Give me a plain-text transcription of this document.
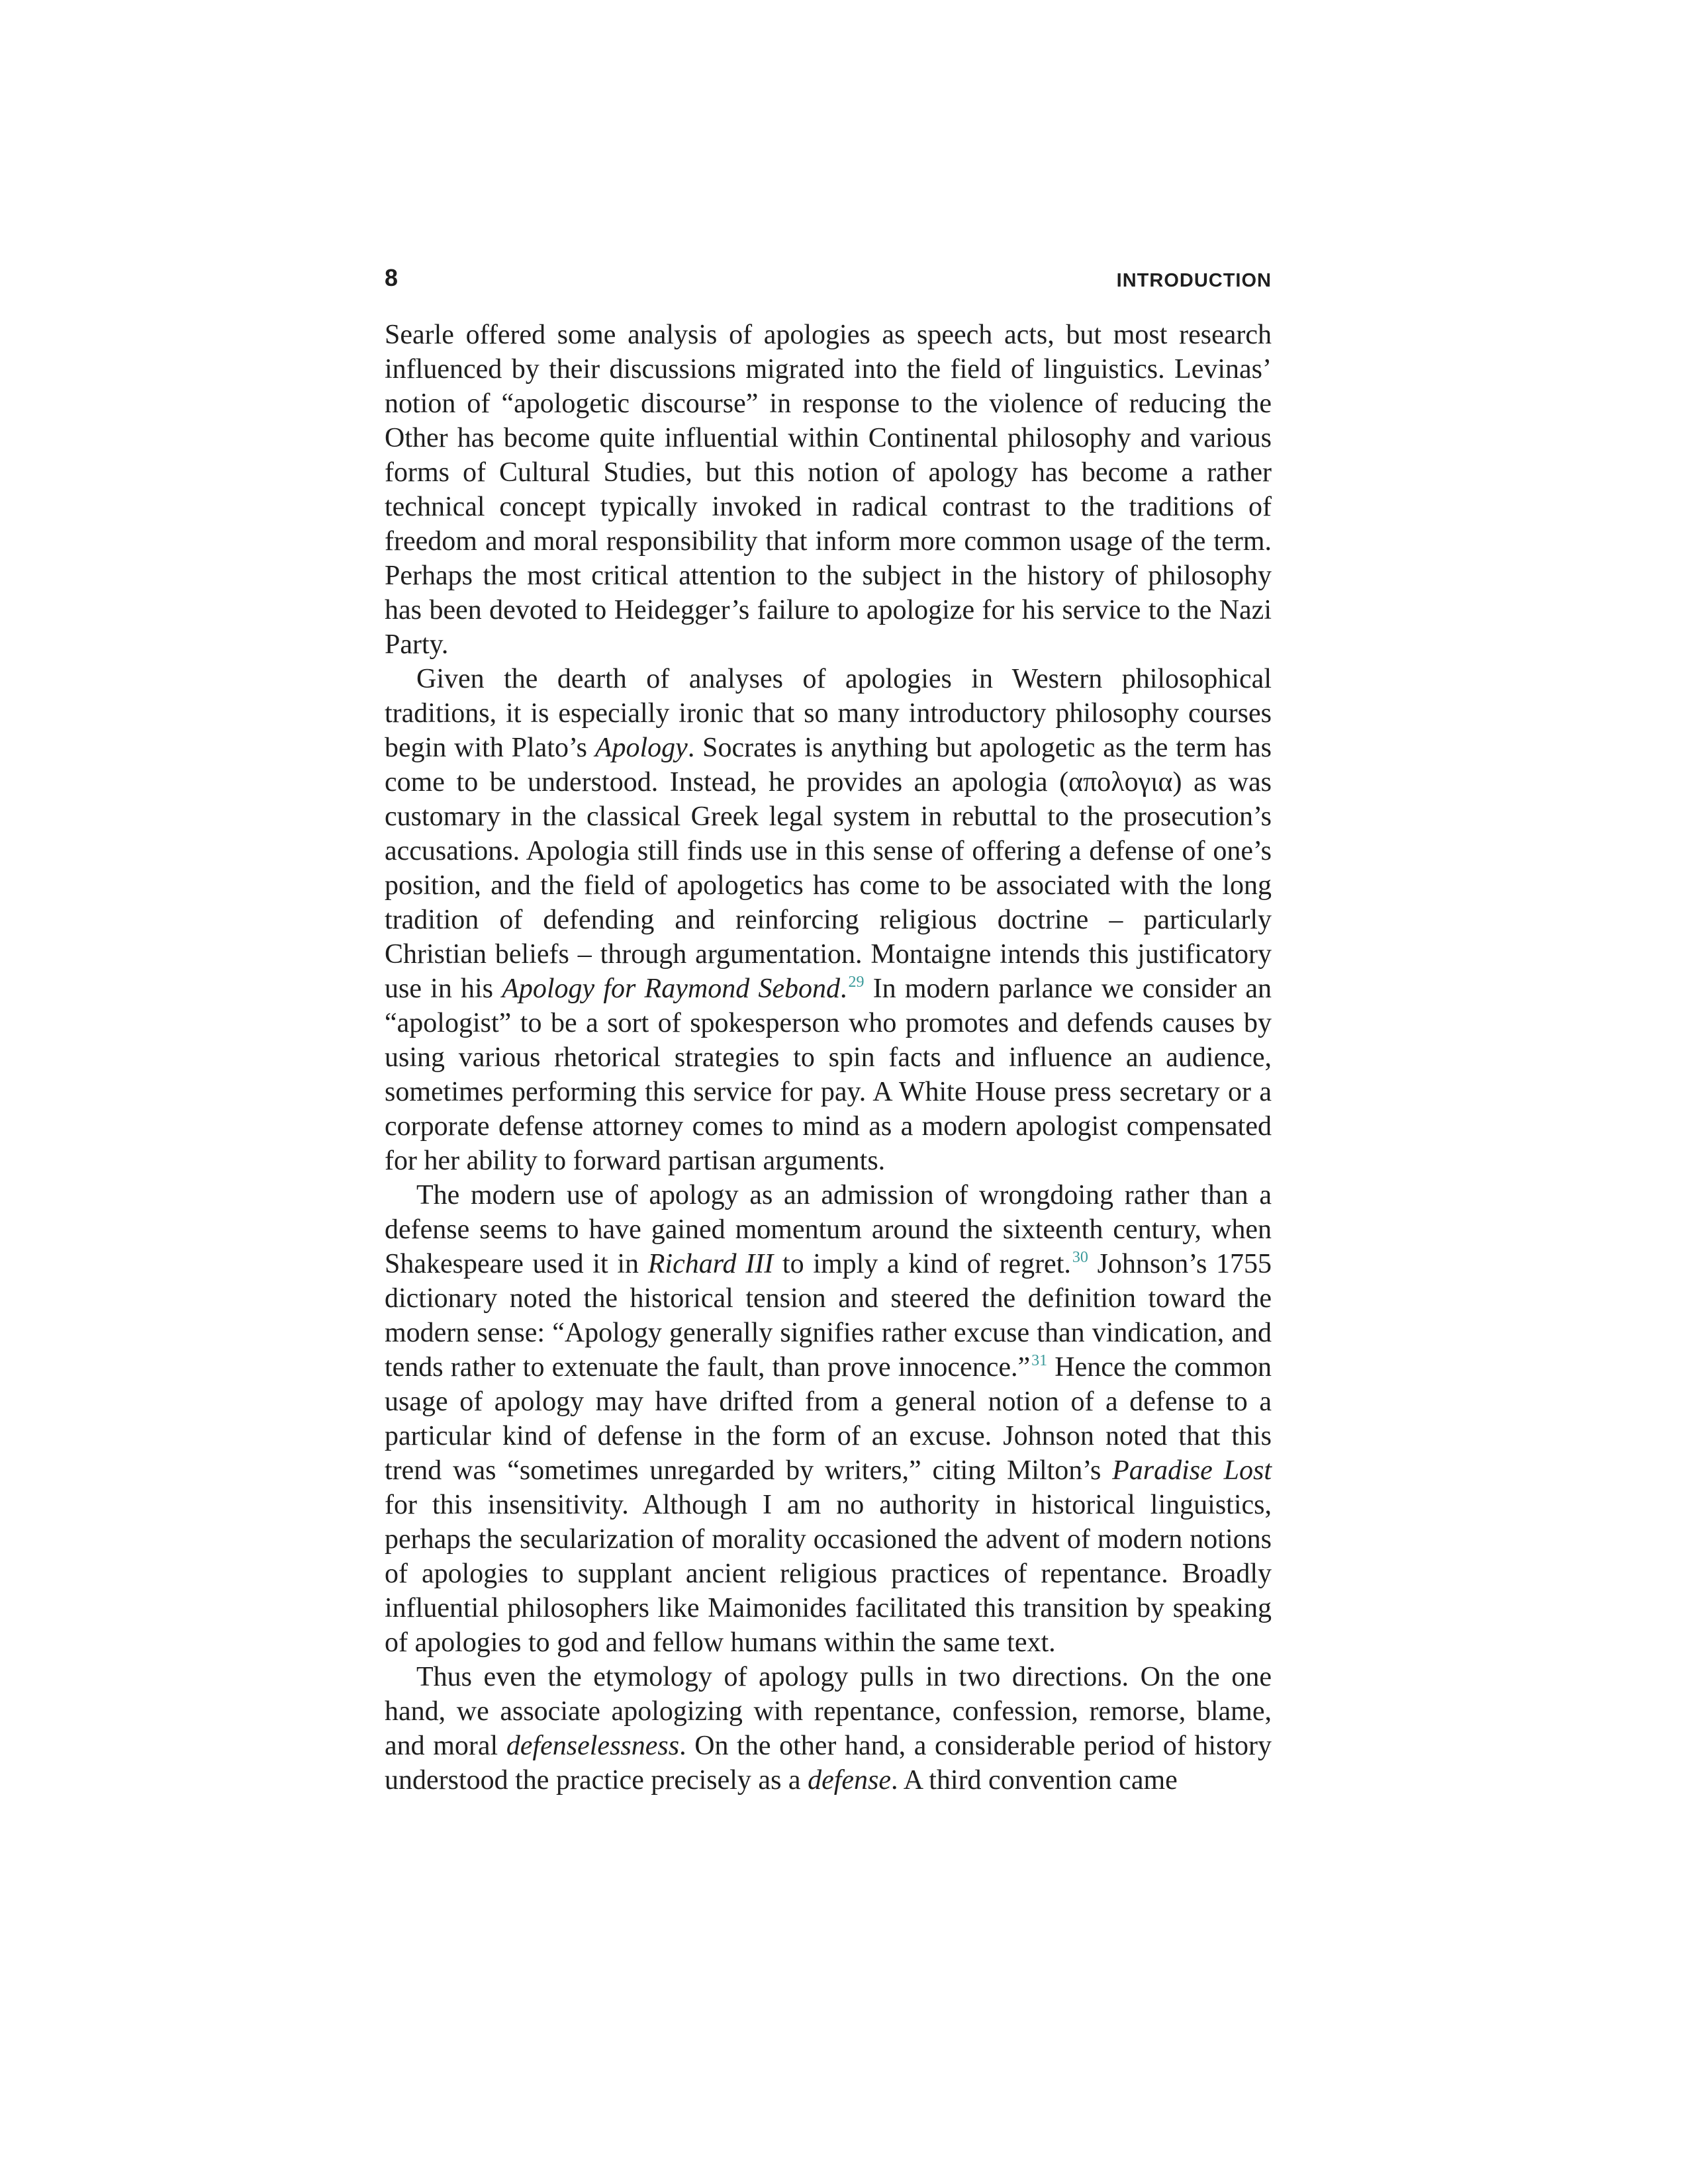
8	INTRODUCTION

Searle offered some analysis of apologies as speech acts, but most research influenced by their discussions migrated into the field of linguistics. Levinas’ notion of “apologetic discourse” in response to the violence of reducing the Other has become quite influential within Continental philosophy and various forms of Cultural Studies, but this notion of apology has become a rather technical concept typically invoked in radical contrast to the traditions of freedom and moral responsibility that inform more common usage of the term. Perhaps the most critical attention to the subject in the history of philosophy has been devoted to Heidegger’s failure to apologize for his service to the Nazi Party.

Given the dearth of analyses of apologies in Western philosophical traditions, it is especially ironic that so many introductory philosophy courses begin with Plato’s Apology. Socrates is anything but apologetic as the term has come to be understood. Instead, he provides an apologia (απολογια) as was customary in the classical Greek legal system in rebuttal to the prosecution’s accusations. Apologia still finds use in this sense of offering a defense of one’s position, and the field of apologetics has come to be associated with the long tradition of defending and reinforcing religious doctrine – particularly Christian beliefs – through argumentation. Montaigne intends this justificatory use in his Apology for Raymond Sebond.$^{29}$ In modern parlance we consider an “apologist” to be a sort of spokesperson who promotes and defends causes by using various rhetorical strategies to spin facts and influence an audience, sometimes performing this service for pay. A White House press secretary or a corporate defense attorney comes to mind as a modern apologist compensated for her ability to forward partisan arguments.

The modern use of apology as an admission of wrongdoing rather than a defense seems to have gained momentum around the sixteenth century, when Shakespeare used it in Richard III to imply a kind of regret.$^{30}$ Johnson’s 1755 dictionary noted the historical tension and steered the definition toward the modern sense: “Apology generally signifies rather excuse than vindication, and tends rather to extenuate the fault, than prove innocence.”$^{31}$ Hence the common usage of apology may have drifted from a general notion of a defense to a particular kind of defense in the form of an excuse. Johnson noted that this trend was “sometimes unregarded by writers,” citing Milton’s Paradise Lost for this insensitivity. Although I am no authority in historical linguistics, perhaps the secularization of morality occasioned the advent of modern notions of apologies to supplant ancient religious practices of repentance. Broadly influential philosophers like Maimonides facilitated this transition by speaking of apologies to god and fellow humans within the same text.

Thus even the etymology of apology pulls in two directions. On the one hand, we associate apologizing with repentance, confession, remorse, blame, and moral defenselessness. On the other hand, a considerable period of history understood the practice precisely as a defense. A third convention came
